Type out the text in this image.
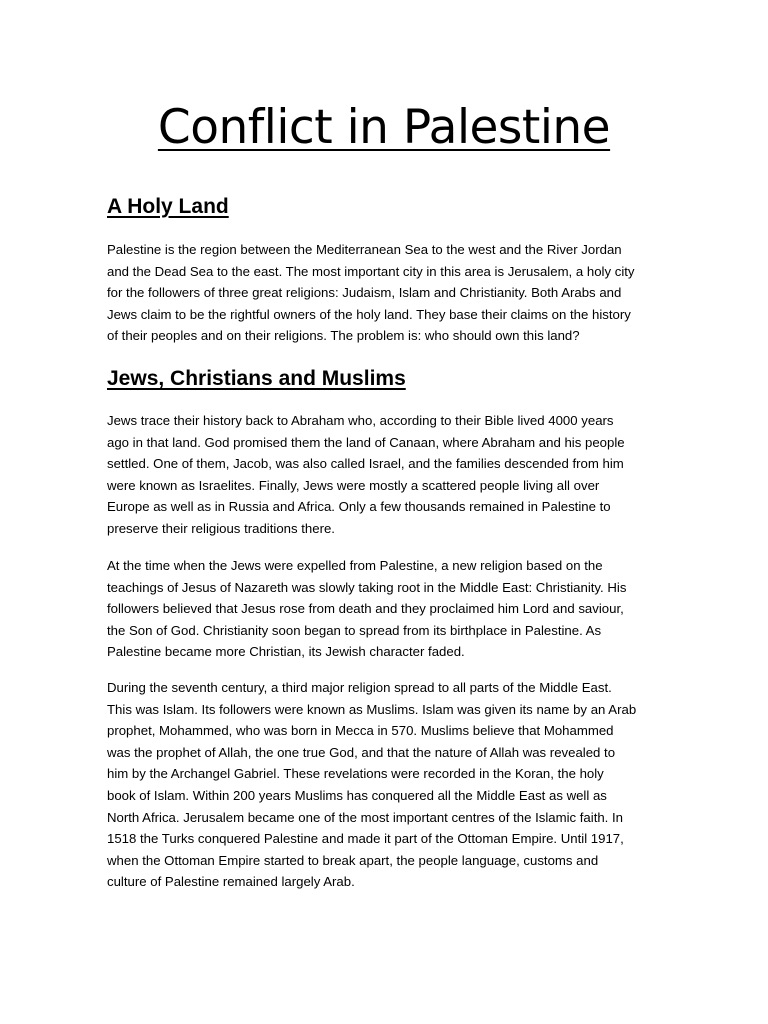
Conflict in Palestine
A Holy Land

Palestine is the region between the Mediterranean Sea to the west and the River Jordan
and the Dead Sea to the east. The most important city in this area is Jerusalem, a holy city
for the followers of three great religions: Judaism, Islam and Christianity. Both Arabs and
Jews claim to be the rightful owners of the holy land. They base their claims on the history
of their peoples and on their religions. The problem is: who should own this land?

Jews, Christians and Muslims

Jews trace their history back to Abraham who, according to their Bible lived 4000 years
ago in that land. God promised them the land of Canaan, where Abraham and his people
settled. One of them, Jacob, was also called Israel, and the families descended from him
were known as Israelites. Finally, Jews were mostly a scattered people living all over
Europe as well as in Russia and Africa. Only a few thousands remained in Palestine to
preserve their religious traditions there.

At the time when the Jews were expelled from Palestine, a new religion based on the
teachings of Jesus of Nazareth was slowly taking root in the Middle East: Christianity. His
followers believed that Jesus rose from death and they proclaimed him Lord and saviour,
the Son of God. Christianity soon began to spread from its birthplace in Palestine. As
Palestine became more Christian, its Jewish character faded.

During the seventh century, a third major religion spread to all parts of the Middle East.
This was Islam. Its followers were known as Muslims. Islam was given its name by an Arab
prophet, Mohammed, who was born in Mecca in 570. Muslims believe that Mohammed
was the prophet of Allah, the one true God, and that the nature of Allah was revealed to
him by the Archangel Gabriel. These revelations were recorded in the Koran, the holy
book of Islam. Within 200 years Muslims has conquered all the Middle East as well as
North Africa. Jerusalem became one of the most important centres of the Islamic faith. In
1518 the Turks conquered Palestine and made it part of the Ottoman Empire. Until 1917,
when the Ottoman Empire started to break apart, the people language, customs and
culture of Palestine remained largely Arab.
